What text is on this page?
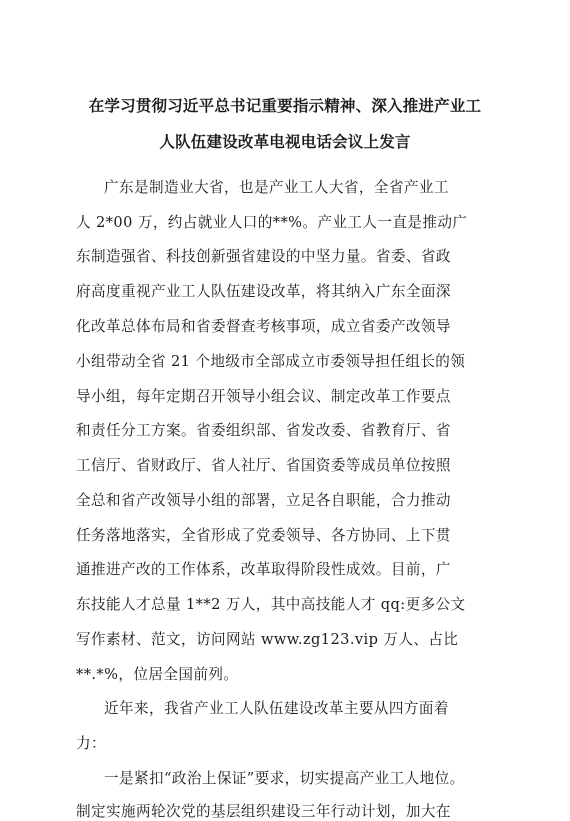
在学习贯彻习近平总书记重要指示精神、深入推进产业工
人队伍建设改革电视电话会议上发言
广东是制造业大省，也是产业工人大省，全省产业工
人 2*00 万，约占就业人口的**%。产业工人一直是推动广
东制造强省、科技创新强省建设的中坚力量。省委、省政
府高度重视产业工人队伍建设改革，将其纳入广东全面深
化改革总体布局和省委督查考核事项，成立省委产改领导
小组带动全省 21 个地级市全部成立市委领导担任组长的领
导小组，每年定期召开领导小组会议、制定改革工作要点
和责任分工方案。省委组织部、省发改委、省教育厅、省
工信厅、省财政厅、省人社厅、省国资委等成员单位按照
全总和省产改领导小组的部署，立足各自职能，合力推动
任务落地落实，全省形成了党委领导、各方协同、上下贯
通推进产改的工作体系，改革取得阶段性成效。目前，广
东技能人才总量 1**2 万人，其中高技能人才 qq:更多公文
写作素材、范文，访问网站 www.zg123.vip 万人、占比
**.*%，位居全国前列。
近年来，我省产业工人队伍建设改革主要从四方面着
力：
一是紧扣“政治上保证”要求，切实提高产业工人地位。
制定实施两轮次党的基层组织建设三年行动计划，加大在
